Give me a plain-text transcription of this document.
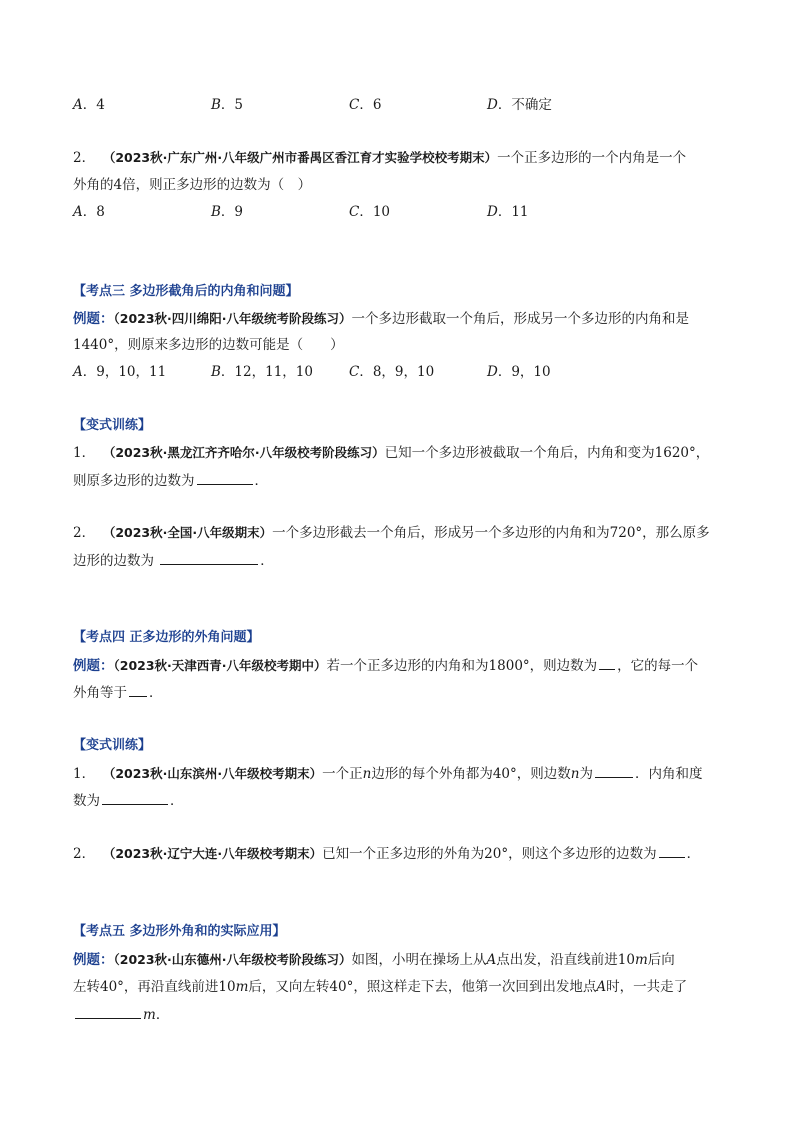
A．4	B．5	C．6	D．不确定
2． （2023秋·广东广州·八年级广州市番禺区香江育才实验学校校考期末）一个正多边形的一个内角是一个
外角的4倍，则正多边形的边数为（　）
A．8	B．9	C．10	D．11
【考点三 多边形截角后的内角和问题】
例题：（2023秋·四川绵阳·八年级统考阶段练习）一个多边形截取一个角后，形成另一个多边形的内角和是
1440°，则原来多边形的边数可能是（　　）
A．9，10，11	B．12，11，10	C．8，9，10	D．9，10
【变式训练】
1． （2023秋·黑龙江齐齐哈尔·八年级校考阶段练习）已知一个多边形被截取一个角后，内角和变为1620°，
则原多边形的边数为	．
2． （2023秋·全国·八年级期末）一个多边形截去一个角后，形成另一个多边形的内角和为720°，那么原多
边形的边数为	．
【考点四 正多边形的外角问题】
例题：（2023秋·天津西青·八年级校考期中）若一个正多边形的内角和为1800°，则边数为 ，它的每一个
外角等于 ．
【变式训练】
1． （2023秋·山东滨州·八年级校考期末）一个正n边形的每个外角都为40°，则边数n为	．内角和度
数为	．
2． （2023秋·辽宁大连·八年级校考期末）已知一个正多边形的外角为20°，则这个多边形的边数为 ．
【考点五 多边形外角和的实际应用】
例题：（2023秋·山东德州·八年级校考阶段练习）如图，小明在操场上从A点出发，沿直线前进10m后向
左转40°，再沿直线前进10m后，又向左转40°，照这样走下去，他第一次回到出发地点A时，一共走了
m．
